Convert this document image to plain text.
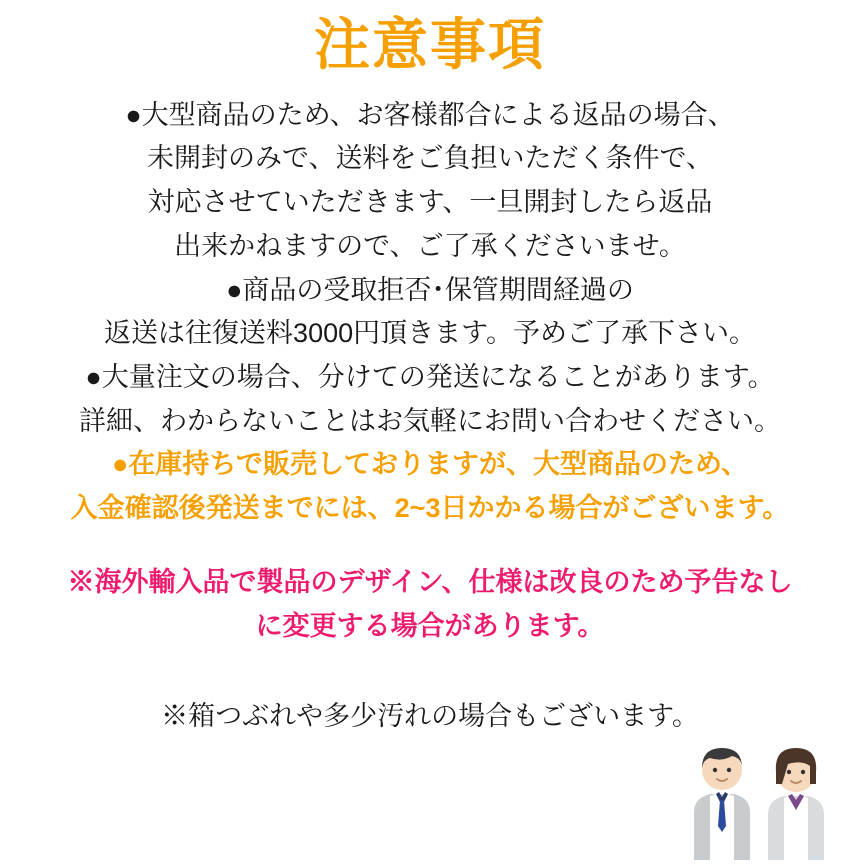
注意事項
●大型商品のため、お客様都合による返品の場合、
未開封のみで、送料をご負担いただく条件で、
対応させていただきます、一旦開封したら返品
出来かねますので、ご了承くださいませ。
●商品の受取拒否･保管期間経過の
返送は往復送料3000円頂きます。予めご了承下さい。
●大量注文の場合、分けての発送になることがあります。
詳細、わからないことはお気軽にお問い合わせください。
●在庫持ちで販売しておりますが、大型商品のため、
入金確認後発送までには、2~3日かかる場合がございます。
※海外輸入品で製品のデザイン、仕様は改良のため予告なし
に変更する場合があります。
※箱つぶれや多少汚れの場合もございます。
